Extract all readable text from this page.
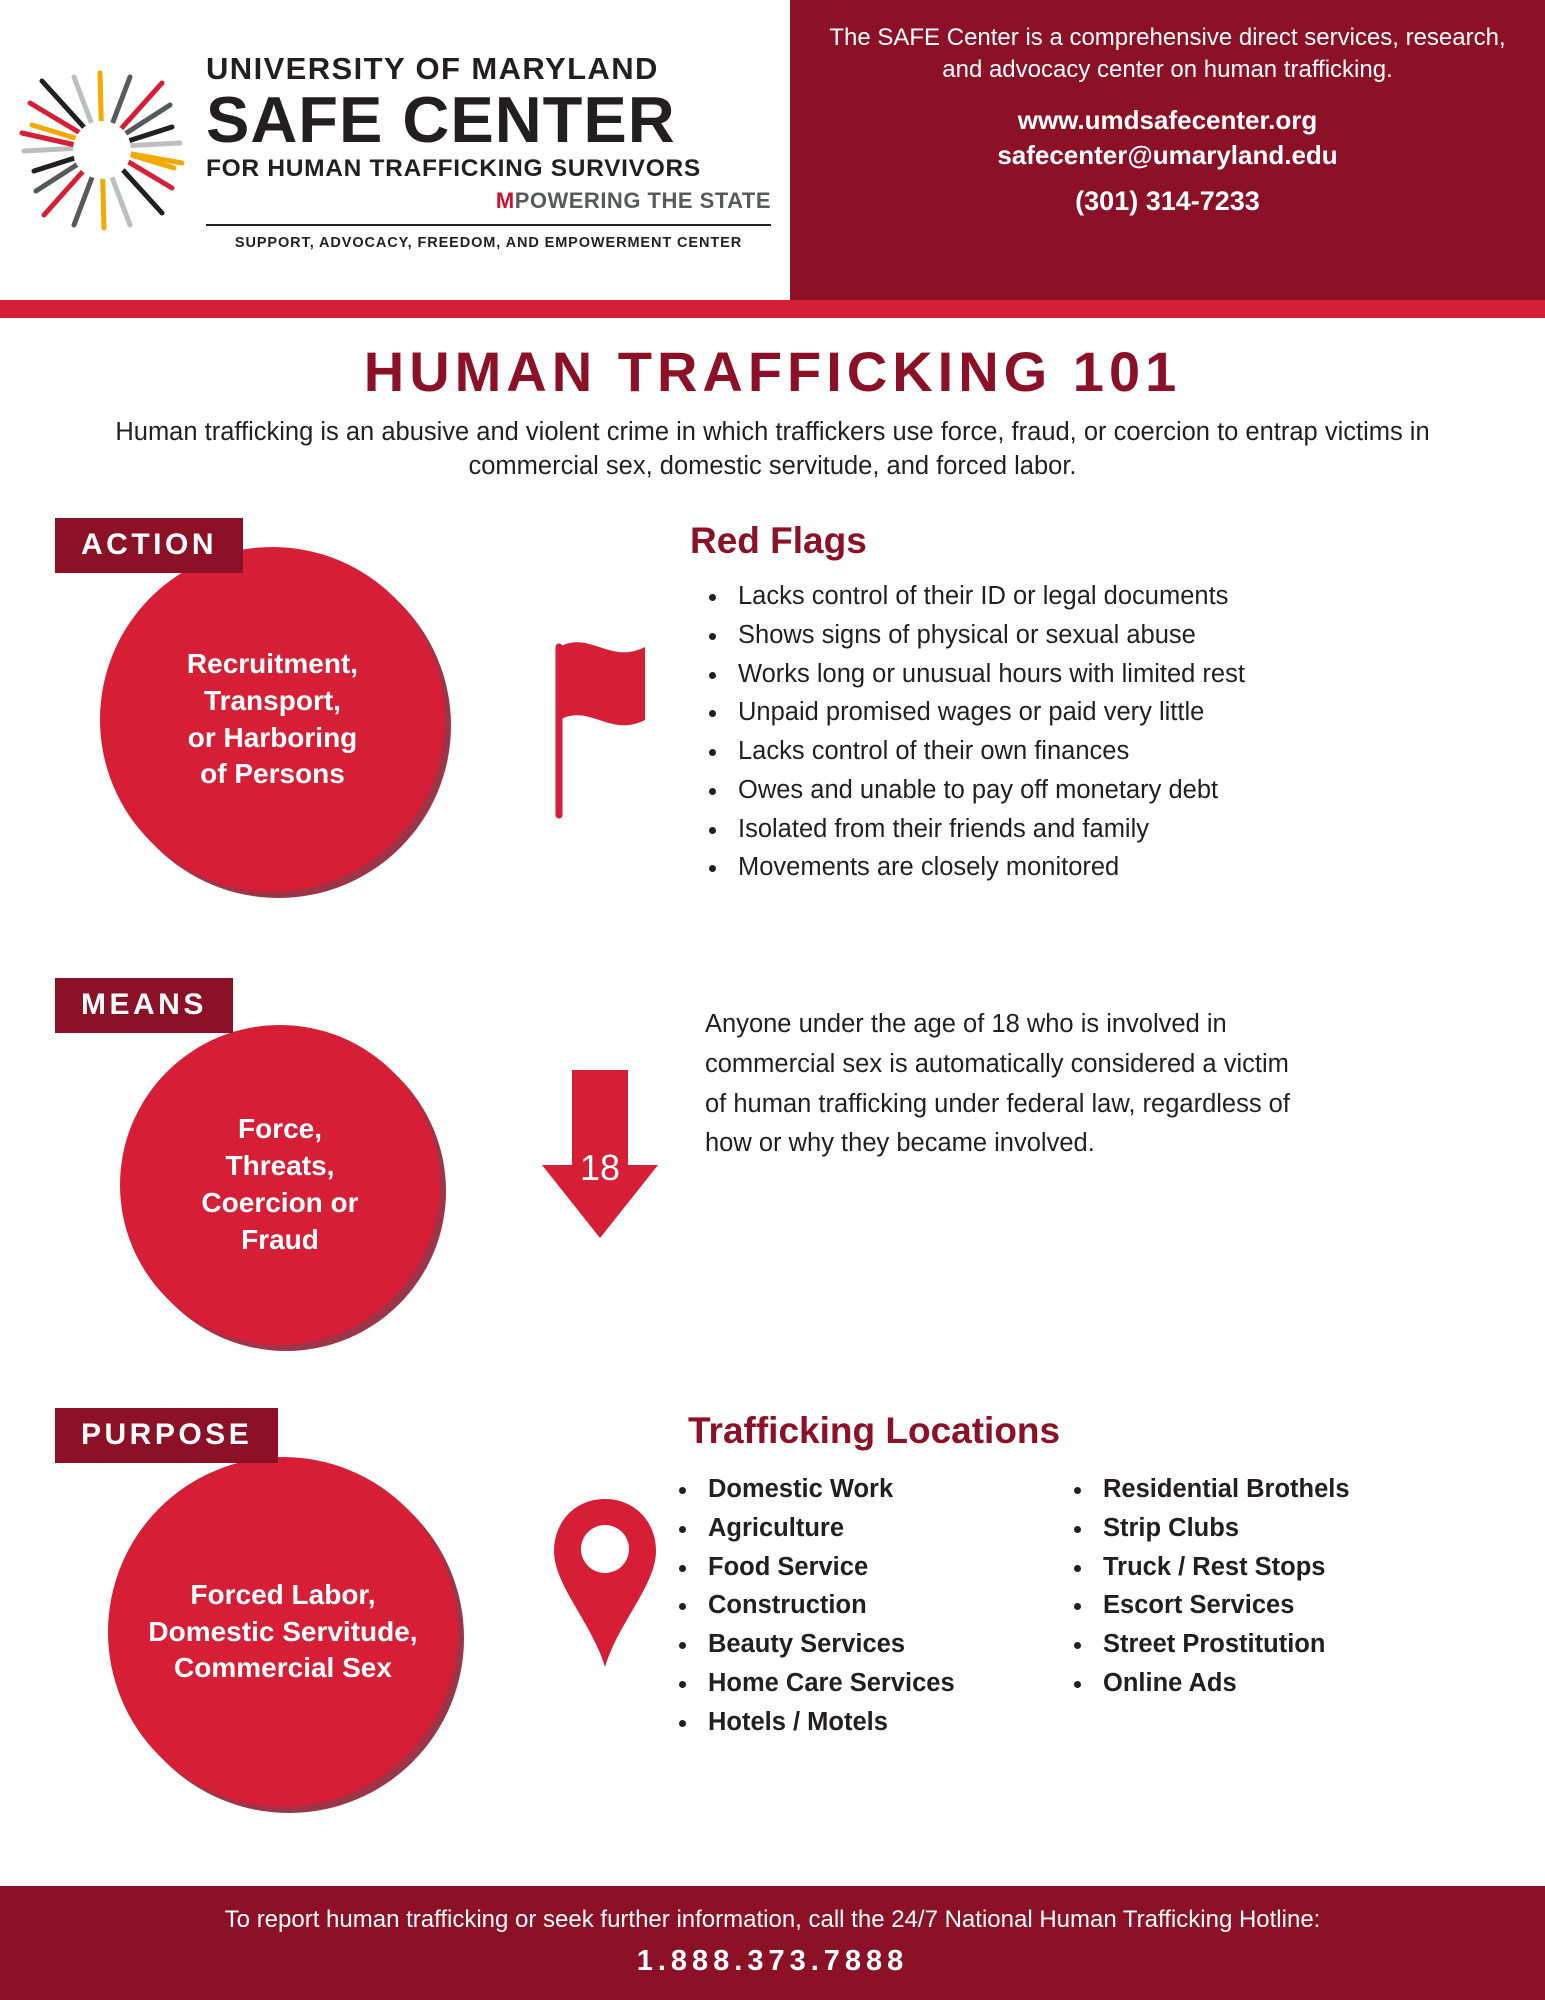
UNIVERSITY OF MARYLAND
SAFE CENTER
FOR HUMAN TRAFFICKING SURVIVORS
MPOWERING THE STATE
SUPPORT, ADVOCACY, FREEDOM, AND EMPOWERMENT CENTER
The SAFE Center is a comprehensive direct services, research, and advocacy center on human trafficking.
www.umdsafecenter.org
safecenter@umaryland.edu
(301) 314-7233
HUMAN TRAFFICKING 101
Human trafficking is an abusive and violent crime in which traffickers use force, fraud, or coercion to entrap victims in commercial sex, domestic servitude, and forced labor.
ACTION
Recruitment,
Transport,
or Harboring
of Persons
Red Flags
• Lacks control of their ID or legal documents
• Shows signs of physical or sexual abuse
• Works long or unusual hours with limited rest
• Unpaid promised wages or paid very little
• Lacks control of their own finances
• Owes and unable to pay off monetary debt
• Isolated from their friends and family
• Movements are closely monitored
MEANS
Force,
Threats,
Coercion or
Fraud
18
Anyone under the age of 18 who is involved in commercial sex is automatically considered a victim of human trafficking under federal law, regardless of how or why they became involved.
PURPOSE
Forced Labor,
Domestic Servitude,
Commercial Sex
Trafficking Locations
• Domestic Work
• Agriculture
• Food Service
• Construction
• Beauty Services
• Home Care Services
• Hotels / Motels
• Residential Brothels
• Strip Clubs
• Truck / Rest Stops
• Escort Services
• Street Prostitution
• Online Ads
To report human trafficking or seek further information, call the 24/7 National Human Trafficking Hotline:
1.888.373.7888
